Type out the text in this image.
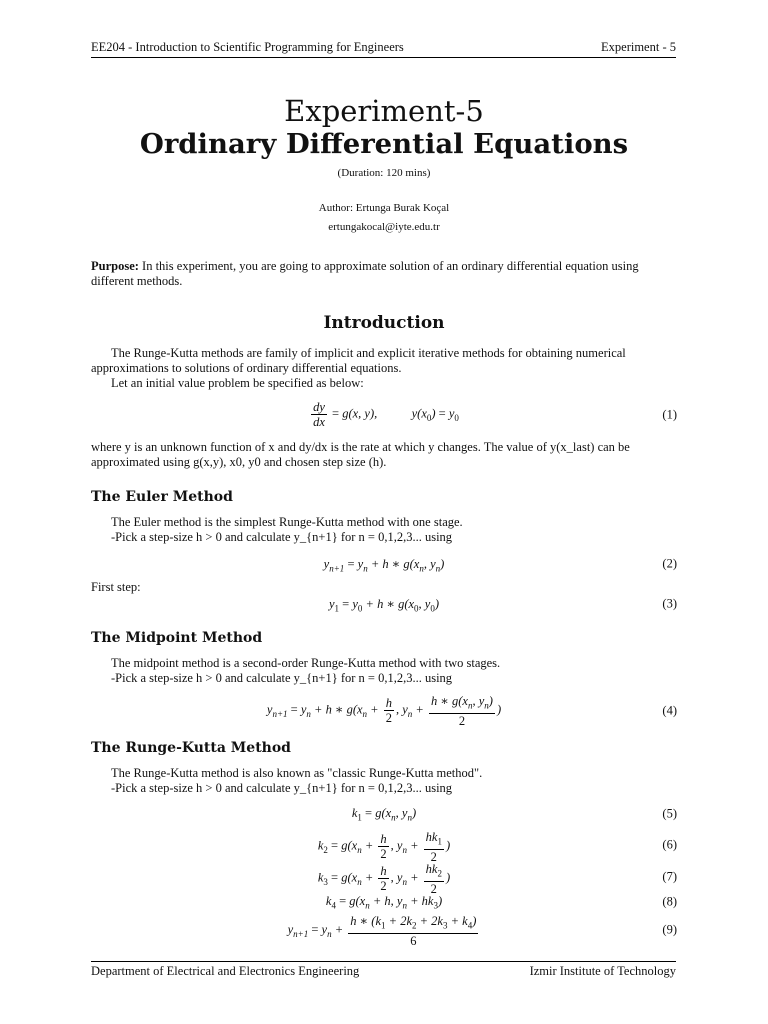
EE204 - Introduction to Scientific Programming for Engineers	Experiment - 5
Experiment-5
Ordinary Differential Equations
(Duration: 120 mins)
Author: Ertunga Burak Koçal
ertungakocal@iyte.edu.tr
Purpose: In this experiment, you are going to approximate solution of an ordinary differential equation using different methods.
Introduction
The Runge-Kutta methods are family of implicit and explicit iterative methods for obtaining numerical approximations to solutions of ordinary differential equations.
Let an initial value problem be specified as below:
$\frac{dy}{dx} = g(x$, y),           $y(x_0) = y_0$	(1)
where y is an unknown function of x and dy/dx is the rate at which y changes. The value of y(x_last) can be approximated using g(x,y), x0, y0 and chosen step size (h).
The Euler Method
The Euler method is the simplest Runge-Kutta method with one stage.
-Pick a step-size h > 0 and calculate y_{n+1} for n = 0,1,2,3... using
$y_{n+1} = y_n + h$ ∗ $g(x_n$, $y_n$)	(2)
First step:
$y_1 = y_0 + h$ ∗ $g(x_0$, $y_0$)	(3)
The Midpoint Method
The midpoint method is a second-order Runge-Kutta method with two stages.
-Pick a step-size h > 0 and calculate y_{n+1} for n = 0,1,2,3... using
$y_{n+1} = y_n + h$ ∗ $g(x_n + \frac{h}{2}$ , $y_n + \frac{h ∗ g(x_n, y_n)}{2}$ )	(4)
The Runge-Kutta Method
The Runge-Kutta method is also known as "classic Runge-Kutta method".
-Pick a step-size h > 0 and calculate y_{n+1} for n = 0,1,2,3... using
$k_1 = g(x_n$, $y_n$)	(5)
$k_2 = g(x_n + \frac{h}{2}$ , $y_n + \frac{hk_1}{2}$ )	(6)
$k_3 = g(x_n + \frac{h}{2}$ , $y_n + \frac{hk_2}{2}$ )	(7)
$k_4 = g(x_n + h$, $y_n + hk_3$)	(8)
$y_{n+1} = y_n + \frac{h ∗ (k_1 + 2k_2 + 2k_3 + k_4)}{6}$	(9)
Department of Electrical and Electronics Engineering	Izmir Institute of Technology
